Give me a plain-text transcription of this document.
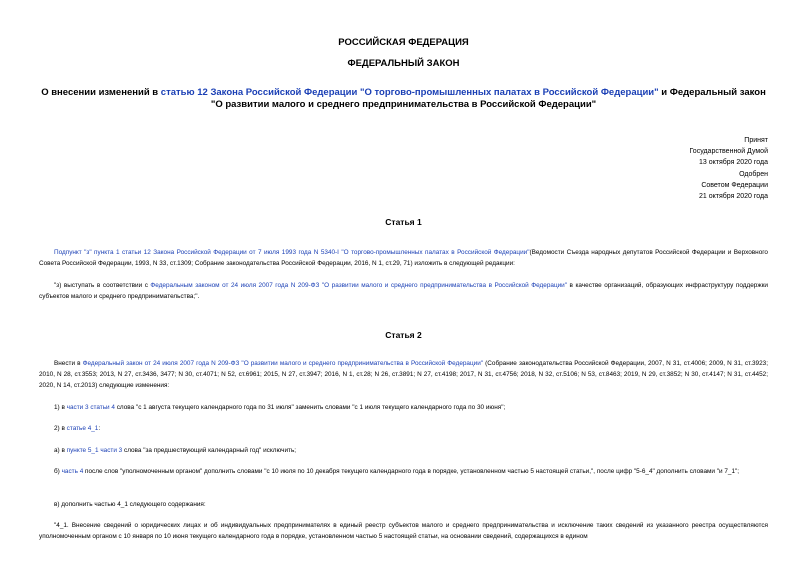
РОССИЙСКАЯ ФЕДЕРАЦИЯ
ФЕДЕРАЛЬНЫЙ ЗАКОН
О внесении изменений в статью 12 Закона Российской Федерации "О торгово-промышленных палатах в Российской Федерации" и Федеральный закон "О развитии малого и среднего предпринимательства в Российской Федерации"
Принят
Государственной Думой
13 октября 2020 года
Одобрен
Советом Федерации
21 октября 2020 года
Статья 1
Подпункт "з" пункта 1 статьи 12 Закона Российской Федерации от 7 июля 1993 года N 5340-I "О торгово-промышленных палатах в Российской Федерации"(Ведомости Съезда народных депутатов Российской Федерации и Верховного Совета Российской Федерации, 1993, N 33, ст.1309; Собрание законодательства Российской Федерации, 2016, N 1, ст.29, 71) изложить в следующей редакции:
"з) выступать в соответствии с Федеральным законом от 24 июля 2007 года N 209-ФЗ "О развитии малого и среднего предпринимательства в Российской Федерации" в качестве организаций, образующих инфраструктуру поддержки субъектов малого и среднего предпринимательства;".
Статья 2
Внести в Федеральный закон от 24 июля 2007 года N 209-ФЗ "О развитии малого и среднего предпринимательства в Российской Федерации" (Собрание законодательства Российской Федерации, 2007, N 31, ст.4006; 2009, N 31, ст.3923; 2010, N 28, ст.3553; 2013, N 27, ст.3436, 3477; N 30, ст.4071; N 52, ст.6961; 2015, N 27, ст.3947; 2016, N 1, ст.28; N 26, ст.3891; N 27, ст.4198; 2017, N 31, ст.4756; 2018, N 32, ст.5106; N 53, ст.8463; 2019, N 29, ст.3852; N 30, ст.4147; N 31, ст.4452; 2020, N 14, ст.2013) следующие изменения:
1) в части 3 статьи 4 слова "с 1 августа текущего календарного года по 31 июля" заменить словами "с 1 июля текущего календарного года по 30 июня";
2) в статье 4_1:
а) в пункте 5_1 части 3 слова "за предшествующий календарный год" исключить;
б) часть 4 после слов "уполномоченным органом" дополнить словами "с 10 июля по 10 декабря текущего календарного года в порядке, установленном частью 5 настоящей статьи,", после цифр "5-6_4" дополнить словами "и 7_1";
в) дополнить частью 4_1 следующего содержания:
"4_1. Внесение сведений о юридических лицах и об индивидуальных предпринимателях в единый реестр субъектов малого и среднего предпринимательства и исключение таких сведений из указанного реестра осуществляются уполномоченным органом с 10 января по 10 июня текущего календарного года в порядке, установленном частью 5 настоящей статьи, на основании сведений, содержащихся в едином
